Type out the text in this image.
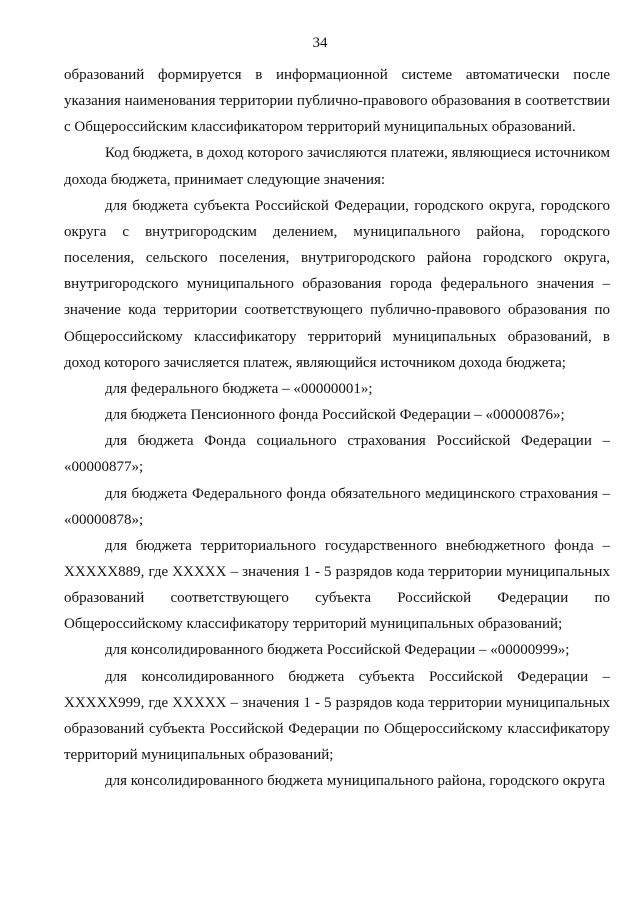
34

образований формируется в информационной системе автоматически после указания наименования территории публично-правового образования в соответствии с Общероссийским классификатором территорий муниципальных образований.

Код бюджета, в доход которого зачисляются платежи, являющиеся источником дохода бюджета, принимает следующие значения:

для бюджета субъекта Российской Федерации, городского округа, городского округа с внутригородским делением, муниципального района, городского поселения, сельского поселения, внутригородского района городского округа, внутригородского муниципального образования города федерального значения – значение кода территории соответствующего публично-правового образования по Общероссийскому классификатору территорий муниципальных образований, в доход которого зачисляется платеж, являющийся источником дохода бюджета;

для федерального бюджета – «00000001»;

для бюджета Пенсионного фонда Российской Федерации – «00000876»;

для бюджета Фонда социального страхования Российской Федерации – «00000877»;

для бюджета Федерального фонда обязательного медицинского страхования – «00000878»;

для бюджета территориального государственного внебюджетного фонда – XXXXX889, где XXXXX – значения 1 - 5 разрядов кода территории муниципальных образований соответствующего субъекта Российской Федерации по Общероссийскому классификатору территорий муниципальных образований;

для консолидированного бюджета Российской Федерации – «00000999»;

для консолидированного бюджета субъекта Российской Федерации – XXXXX999, где XXXXX – значения 1 - 5 разрядов кода территории муниципальных образований субъекта Российской Федерации по Общероссийскому классификатору территорий муниципальных образований;

для консолидированного бюджета муниципального района, городского округа
